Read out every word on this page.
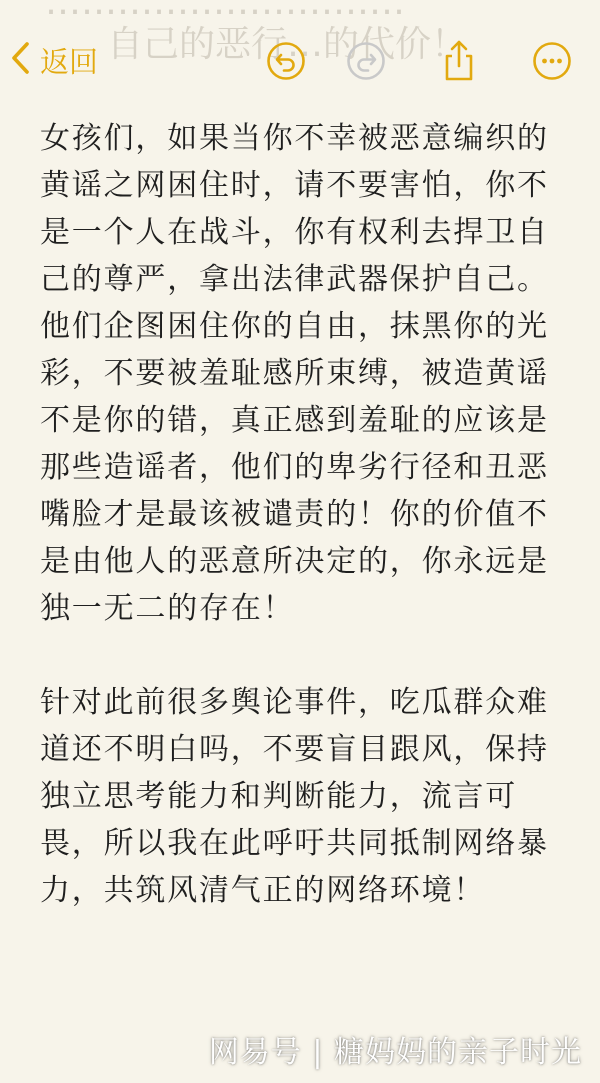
…………………………
自己的恶行…的代价！
返回

女孩们，如果当你不幸被恶意编织的黄谣之网困住时，请不要害怕，你不是一个人在战斗，你有权利去捍卫自己的尊严，拿出法律武器保护自己。他们企图困住你的自由，抹黑你的光彩，不要被羞耻感所束缚，被造黄谣不是你的错，真正感到羞耻的应该是那些造谣者，他们的卑劣行径和丑恶嘴脸才是最该被谴责的！你的价值不是由他人的恶意所决定的，你永远是独一无二的存在！

针对此前很多舆论事件，吃瓜群众难道还不明白吗，不要盲目跟风，保持独立思考能力和判断能力，流言可畏，所以我在此呼吁共同抵制网络暴力，共筑风清气正的网络环境！

网易号 | 糖妈妈的亲子时光
